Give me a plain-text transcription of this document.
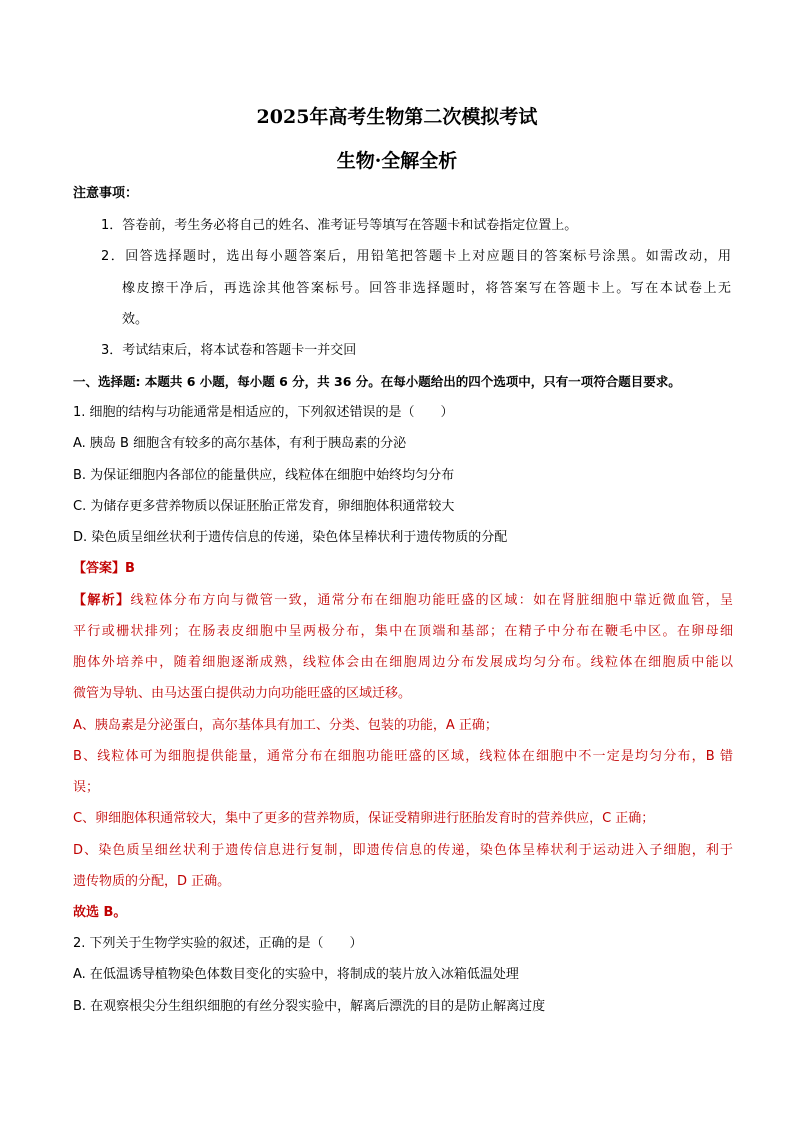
2025年高考生物第二次模拟考试
生物·全解全析
注意事项：
1．答卷前，考生务必将自己的姓名、准考证号等填写在答题卡和试卷指定位置上。
2．回答选择题时，选出每小题答案后，用铅笔把答题卡上对应题目的答案标号涂黑。如需改动，用
橡皮擦干净后，再选涂其他答案标号。回答非选择题时，将答案写在答题卡上。写在本试卷上无
效。
3．考试结束后，将本试卷和答题卡一并交回
一、选择题: 本题共 6 小题，每小题 6 分，共 36 分。在每小题给出的四个选项中，只有一项符合题目要求。
1. 细胞的结构与功能通常是相适应的，下列叙述错误的是（　　）
A. 胰岛 B 细胞含有较多的高尔基体，有利于胰岛素的分泌
B. 为保证细胞内各部位的能量供应，线粒体在细胞中始终均匀分布
C. 为储存更多营养物质以保证胚胎正常发育，卵细胞体积通常较大
D. 染色质呈细丝状利于遗传信息的传递，染色体呈棒状利于遗传物质的分配
【答案】B
【解析】线粒体分布方向与微管一致，通常分布在细胞功能旺盛的区域：如在肾脏细胞中靠近微血管，呈
平行或栅状排列；在肠表皮细胞中呈两极分布，集中在顶端和基部；在精子中分布在鞭毛中区。在卵母细
胞体外培养中，随着细胞逐渐成熟，线粒体会由在细胞周边分布发展成均匀分布。线粒体在细胞质中能以
微管为导轨、由马达蛋白提供动力向功能旺盛的区域迁移。
A、胰岛素是分泌蛋白，高尔基体具有加工、分类、包装的功能，A 正确；
B、线粒体可为细胞提供能量，通常分布在细胞功能旺盛的区域，线粒体在细胞中不一定是均匀分布，B 错
误；
C、卵细胞体积通常较大，集中了更多的营养物质，保证受精卵进行胚胎发育时的营养供应，C 正确；
D、染色质呈细丝状利于遗传信息进行复制，即遗传信息的传递，染色体呈棒状利于运动进入子细胞，利于
遗传物质的分配，D 正确。
故选 B。
2. 下列关于生物学实验的叙述，正确的是（　　）
A. 在低温诱导植物染色体数目变化的实验中，将制成的装片放入冰箱低温处理
B. 在观察根尖分生组织细胞的有丝分裂实验中，解离后漂洗的目的是防止解离过度
